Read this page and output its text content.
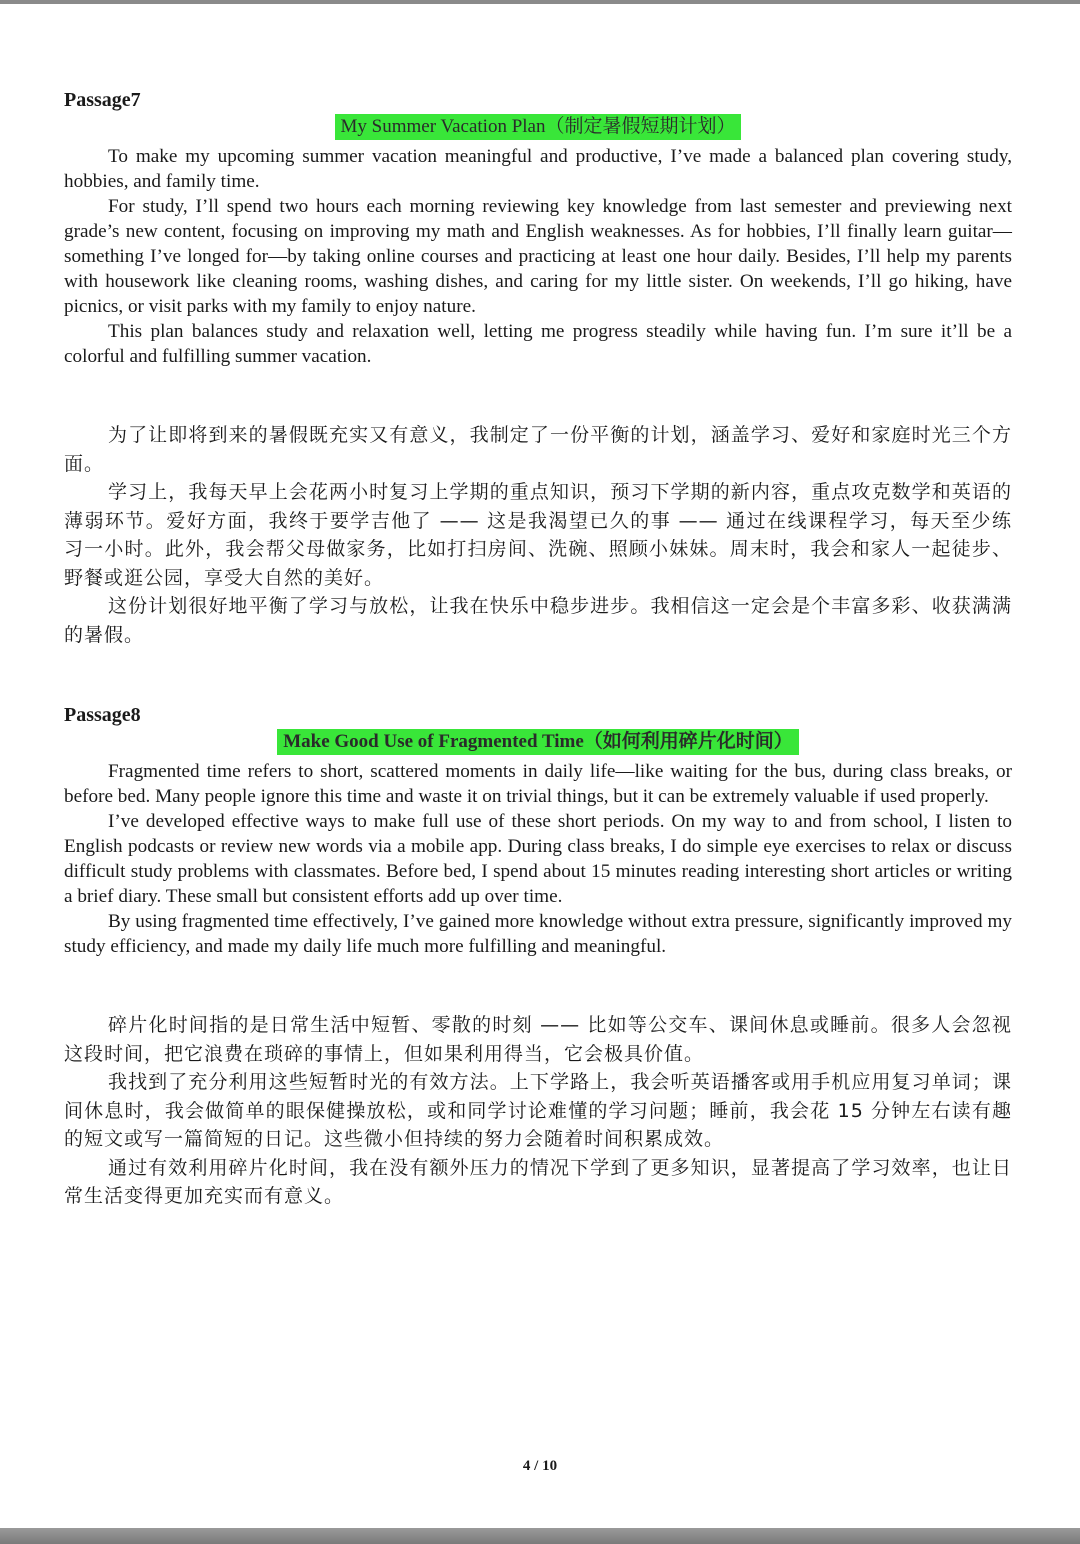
Passage7

My Summer Vacation Plan（制定暑假短期计划）

To make my upcoming summer vacation meaningful and productive, I’ve made a balanced plan covering study, hobbies, and family time.

For study, I’ll spend two hours each morning reviewing key knowledge from last semester and previewing next grade’s new content, focusing on improving my math and English weaknesses. As for hobbies, I’ll finally learn guitar—something I’ve longed for—by taking online courses and practicing at least one hour daily. Besides, I’ll help my parents with housework like cleaning rooms, washing dishes, and caring for my little sister. On weekends, I’ll go hiking, have picnics, or visit parks with my family to enjoy nature.

This plan balances study and relaxation well, letting me progress steadily while having fun. I’m sure it’ll be a colorful and fulfilling summer vacation.

为了让即将到来的暑假既充实又有意义，我制定了一份平衡的计划，涵盖学习、爱好和家庭时光三个方面。

学习上，我每天早上会花两小时复习上学期的重点知识，预习下学期的新内容，重点攻克数学和英语的薄弱环节。爱好方面，我终于要学吉他了 —— 这是我渴望已久的事 —— 通过在线课程学习，每天至少练习一小时。此外，我会帮父母做家务，比如打扫房间、洗碗、照顾小妹妹。周末时，我会和家人一起徒步、野餐或逛公园，享受大自然的美好。

这份计划很好地平衡了学习与放松，让我在快乐中稳步进步。我相信这一定会是个丰富多彩、收获满满的暑假。

Passage8

Make Good Use of Fragmented Time（如何利用碎片化时间）

Fragmented time refers to short, scattered moments in daily life—like waiting for the bus, during class breaks, or before bed. Many people ignore this time and waste it on trivial things, but it can be extremely valuable if used properly.

I’ve developed effective ways to make full use of these short periods. On my way to and from school, I listen to English podcasts or review new words via a mobile app. During class breaks, I do simple eye exercises to relax or discuss difficult study problems with classmates. Before bed, I spend about 15 minutes reading interesting short articles or writing a brief diary. These small but consistent efforts add up over time.

By using fragmented time effectively, I’ve gained more knowledge without extra pressure, significantly improved my study efficiency, and made my daily life much more fulfilling and meaningful.

碎片化时间指的是日常生活中短暂、零散的时刻 —— 比如等公交车、课间休息或睡前。很多人会忽视这段时间，把它浪费在琐碎的事情上，但如果利用得当，它会极具价值。

我找到了充分利用这些短暂时光的有效方法。上下学路上，我会听英语播客或用手机应用复习单词；课间休息时，我会做简单的眼保健操放松，或和同学讨论难懂的学习问题；睡前，我会花 15 分钟左右读有趣的短文或写一篇简短的日记。这些微小但持续的努力会随着时间积累成效。

通过有效利用碎片化时间，我在没有额外压力的情况下学到了更多知识，显著提高了学习效率，也让日常生活变得更加充实而有意义。

4 / 10
